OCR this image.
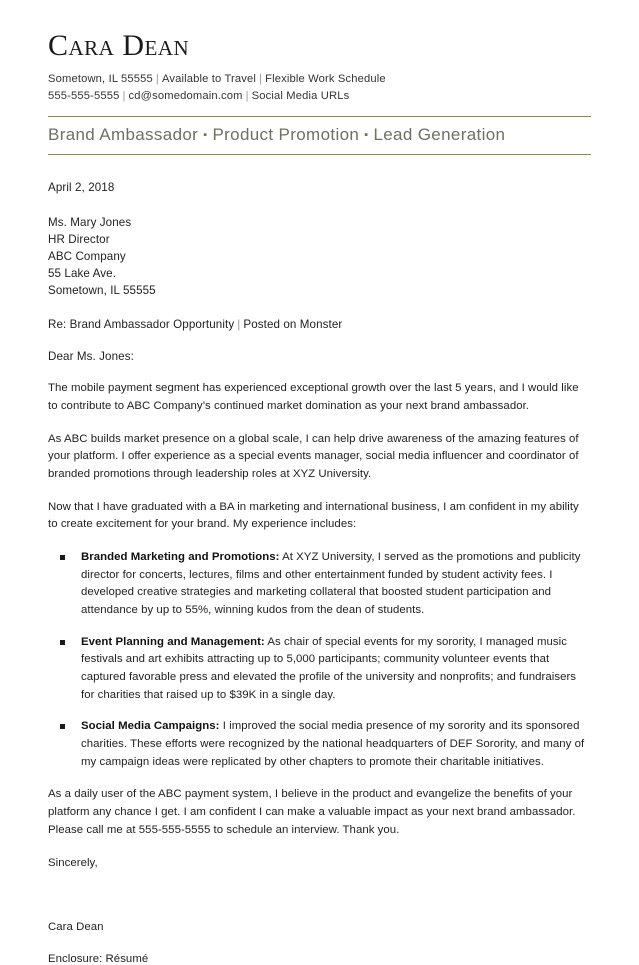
Cara Dean
Sometown, IL 55555 | Available to Travel | Flexible Work Schedule
555-555-5555 | cd@somedomain.com | Social Media URLs
Brand Ambassador ▪ Product Promotion ▪ Lead Generation
April 2, 2018
Ms. Mary Jones
HR Director
ABC Company
55 Lake Ave.
Sometown, IL 55555
Re: Brand Ambassador Opportunity | Posted on Monster
Dear Ms. Jones:

The mobile payment segment has experienced exceptional growth over the last 5 years, and I would like to contribute to ABC Company’s continued market domination as your next brand ambassador.

As ABC builds market presence on a global scale, I can help drive awareness of the amazing features of your platform. I offer experience as a special events manager, social media influencer and coordinator of branded promotions through leadership roles at XYZ University.

Now that I have graduated with a BA in marketing and international business, I am confident in my ability to create excitement for your brand. My experience includes:

Branded Marketing and Promotions: At XYZ University, I served as the promotions and publicity director for concerts, lectures, films and other entertainment funded by student activity fees. I developed creative strategies and marketing collateral that boosted student participation and attendance by up to 55%, winning kudos from the dean of students.
Event Planning and Management: As chair of special events for my sorority, I managed music festivals and art exhibits attracting up to 5,000 participants; community volunteer events that captured favorable press and elevated the profile of the university and nonprofits; and fundraisers for charities that raised up to $39K in a single day.
Social Media Campaigns: I improved the social media presence of my sorority and its sponsored charities. These efforts were recognized by the national headquarters of DEF Sorority, and many of my campaign ideas were replicated by other chapters to promote their charitable initiatives.

As a daily user of the ABC payment system, I believe in the product and evangelize the benefits of your platform any chance I get. I am confident I can make a valuable impact as your next brand ambassador. Please call me at 555-555-5555 to schedule an interview. Thank you.

Sincerely,
Cara Dean
Enclosure: Résumé
